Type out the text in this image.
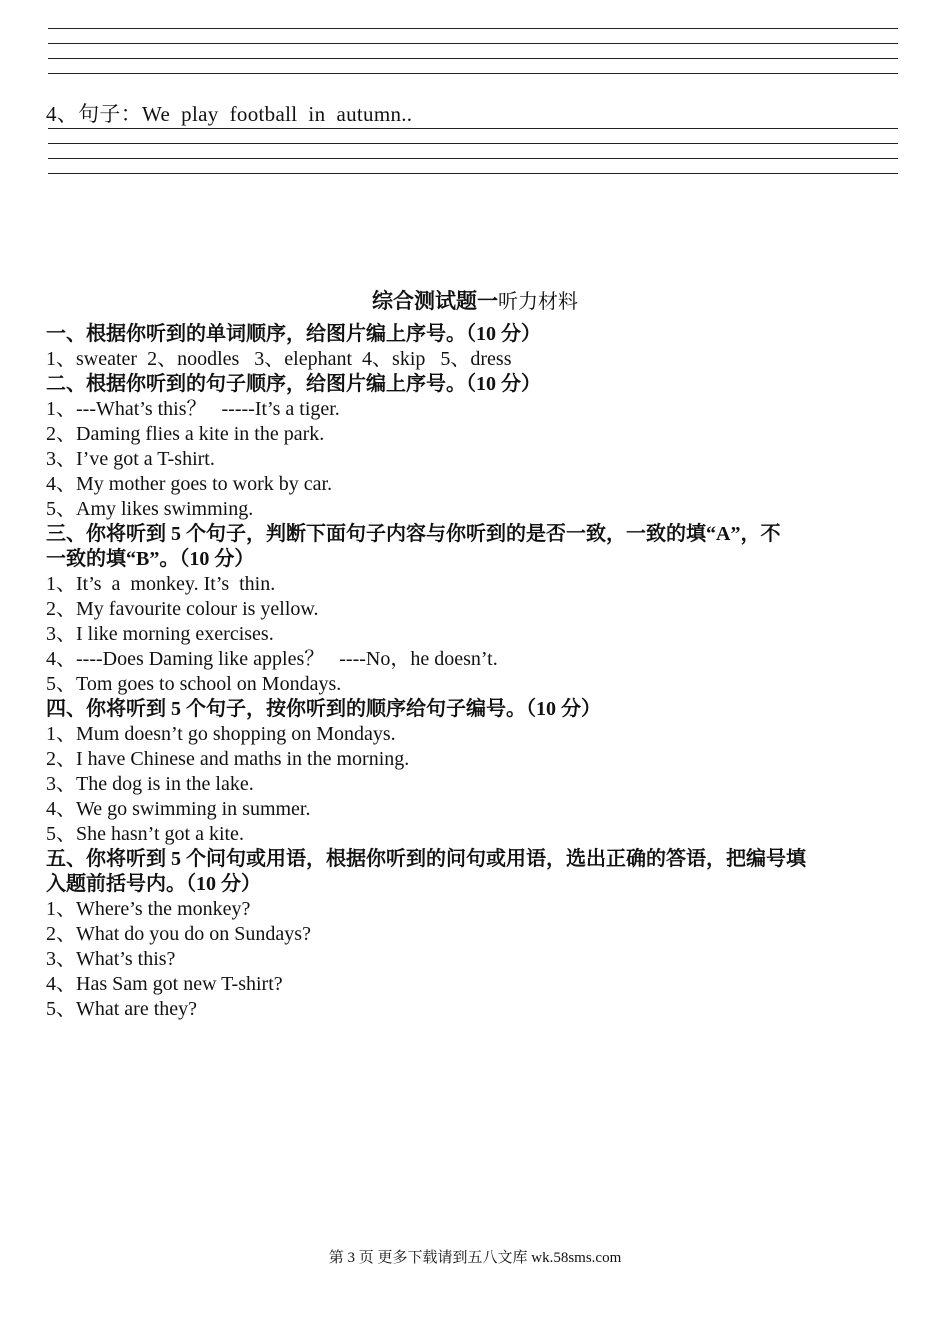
4、句子：We  play  football  in  autumn..
综合测试题一听力材料
一、根据你听到的单词顺序，给图片编上序号。（10 分）
1、sweater  2、noodles   3、elephant  4、skip   5、dress
二、根据你听到的句子顺序，给图片编上序号。（10 分）
1、---What’s this？   -----It’s a tiger.
2、Daming flies a kite in the park.
3、I’ve got a T-shirt.
4、My mother goes to work by car.
5、Amy likes swimming.
三、你将听到 5 个句子，判断下面句子内容与你听到的是否一致，一致的填“A”，不
一致的填“B”。（10 分）
1、It’s  a  monkey. It’s  thin.
2、My favourite colour is yellow.
3、I like morning exercises.
4、----Does Daming like apples？   ----No，he doesn’t.
5、Tom goes to school on Mondays.
四、你将听到 5 个句子，按你听到的顺序给句子编号。（10 分）
1、Mum doesn’t go shopping on Mondays.
2、I have Chinese and maths in the morning.
3、The dog is in the lake.
4、We go swimming in summer.
5、She hasn’t got a kite.
五、你将听到 5 个问句或用语，根据你听到的问句或用语，选出正确的答语，把编号填
入题前括号内。（10 分）
1、Where’s the monkey?
2、What do you do on Sundays?
3、What’s this?
4、Has Sam got new T-shirt?
5、What are they?
第 3 页 更多下载请到五八文库 wk.58sms.com
